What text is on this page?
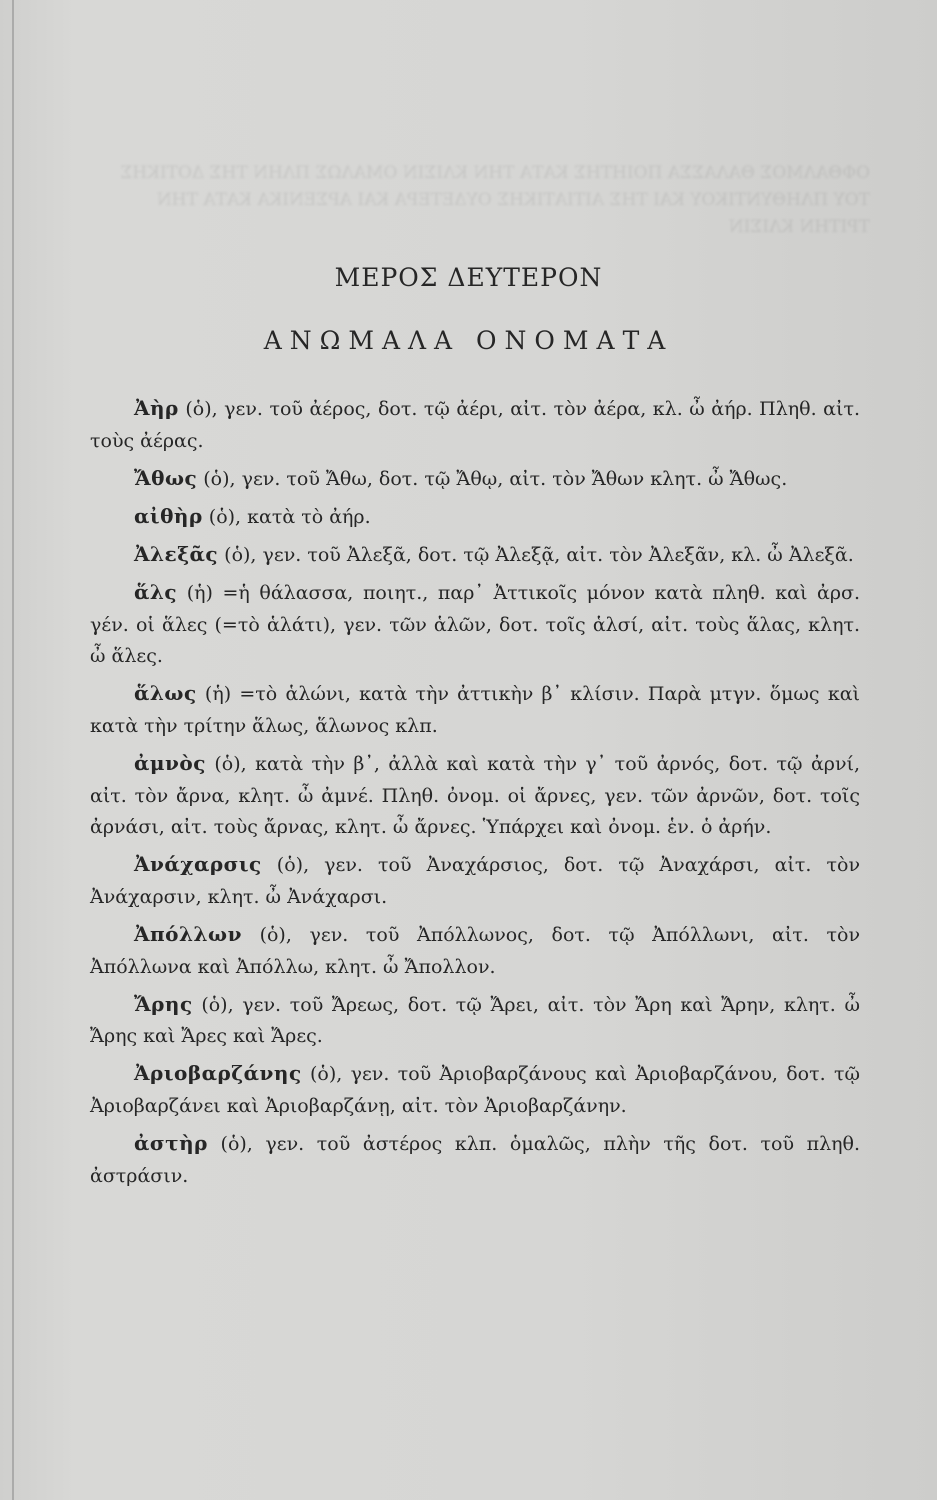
ΟΦΘΑΛΜΟΣ ΘΑΛΑΣΣΑ ΠΟΙΗΤΗΣ ΚΑΤΑ ΤΗΝ ΚΛΙΣΙΝ ΟΜΑΛΩΣ ΠΛΗΝ ΤΗΣ ΔΟΤΙΚΗΣ ΤΟΥ ΠΛΗΘΥΝΤΙΚΟΥ ΚΑΙ ΤΗΣ ΑΙΤΙΑΤΙΚΗΣ ΟΥΔΕΤΕΡΑ ΚΑΙ ΑΡΣΕΝΙΚΑ ΚΑΤΑ ΤΗΝ ΤΡΙΤΗΝ ΚΛΙΣΙΝ
ΜΕΡΟΣ ΔΕΥΤΕΡΟΝ
ΑΝΩΜΑΛΑ ΟΝΟΜΑΤΑ

Ἀὴρ (ὁ), γεν. τοῦ ἀέρος, δοτ. τῷ ἀέρι, αἰτ. τὸν ἀέρα, κλ. ὦ ἀήρ. Πληθ. αἰτ. τοὺς ἀέρας.

Ἄθως (ὁ), γεν. τοῦ Ἄθω, δοτ. τῷ Ἄθῳ, αἰτ. τὸν Ἄθων κλητ. ὦ Ἄθως.

αἰθὴρ (ὁ), κατὰ τὸ ἀήρ.

Ἀλεξᾶς (ὁ), γεν. τοῦ Ἀλεξᾶ, δοτ. τῷ Ἀλεξᾷ, αἰτ. τὸν Ἀλεξᾶν, κλ. ὦ Ἀλεξᾶ.

ἅλς (ἡ) =ἡ θάλασσα, ποιητ., παρ᾽ Ἀττικοῖς μόνον κατὰ πληθ. καὶ ἀρσ. γέν. οἱ ἅλες (=τὸ ἁλάτι), γεν. τῶν ἁλῶν, δοτ. τοῖς ἁλσί, αἰτ. τοὺς ἅλας, κλητ. ὦ ἅλες.

ἅλως (ἡ) =τὸ ἁλώνι, κατὰ τὴν ἀττικὴν β᾽ κλίσιν. Παρὰ μτγν. ὅμως καὶ κατὰ τὴν τρίτην ἅλως, ἅλωνος κλπ.

ἀμνὸς (ὁ), κατὰ τὴν β᾽, ἀλλὰ καὶ κατὰ τὴν γ᾽ τοῦ ἀρνός, δοτ. τῷ ἀρνί, αἰτ. τὸν ἄρνα, κλητ. ὦ ἀμνέ. Πληθ. ὀνομ. οἱ ἄρνες, γεν. τῶν ἀρνῶν, δοτ. τοῖς ἀρνάσι, αἰτ. τοὺς ἄρνας, κλητ. ὦ ἄρνες. Ὑπάρχει καὶ ὀνομ. ἑν. ὁ ἀρήν.

Ἀνάχαρσις (ὁ), γεν. τοῦ Ἀναχάρσιος, δοτ. τῷ Ἀναχάρσι, αἰτ. τὸν Ἀνάχαρσιν, κλητ. ὦ Ἀνάχαρσι.

Ἀπόλλων (ὁ), γεν. τοῦ Ἀπόλλωνος, δοτ. τῷ Ἀπόλλωνι, αἰτ. τὸν Ἀπόλλωνα καὶ Ἀπόλλω, κλητ. ὦ Ἄπολλον.

Ἄρης (ὁ), γεν. τοῦ Ἄρεως, δοτ. τῷ Ἄρει, αἰτ. τὸν Ἄρη καὶ Ἄρην, κλητ. ὦ Ἄρης καὶ Ἄρες καὶ Ἄρες.

Ἀριοβαρζάνης (ὁ), γεν. τοῦ Ἀριοβαρζάνους καὶ Ἀριοβαρζάνου, δοτ. τῷ Ἀριοβαρζάνει καὶ Ἀριοβαρζάνῃ, αἰτ. τὸν Ἀριοβαρζάνην.

ἀστὴρ (ὁ), γεν. τοῦ ἀστέρος κλπ. ὁμαλῶς, πλὴν τῆς δοτ. τοῦ πληθ. ἀστράσιν.
